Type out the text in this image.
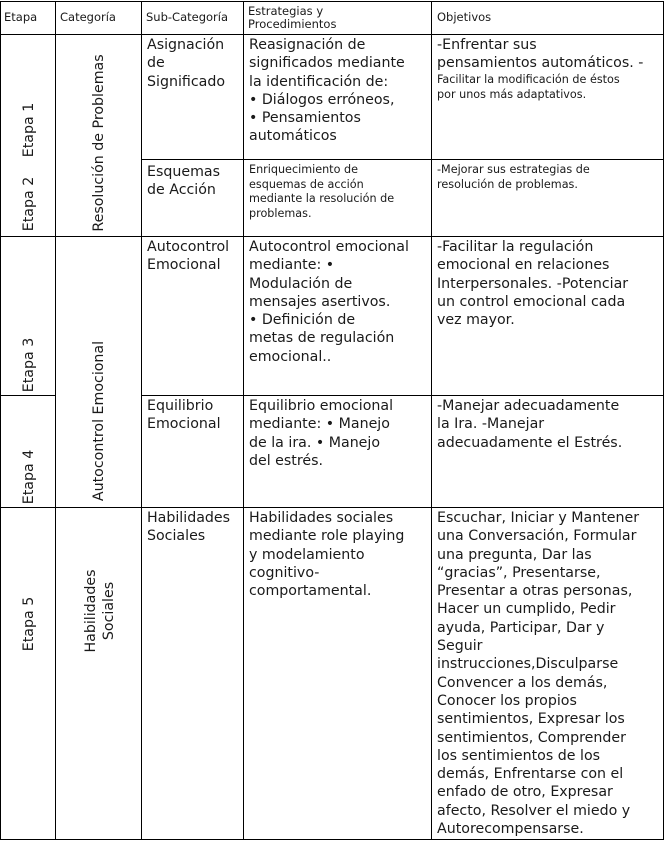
Etapa Categoría	Sub-Categoría Estrategias y
Procedimientos	Objetivos
Etapa 1
Etapa 2
Etapa 3
Etapa 4
Etapa 5
Resolución de Problemas
Autocontrol Emocional
Habilidades
Sociales
Asignación
de
Significado
Reasignación de
significados mediante
la identificación de:
• Diálogos erróneos,
• Pensamientos
automáticos
-Enfrentar sus
pensamientos automáticos. -
Facilitar la modificación de éstos
por unos más adaptativos.
Esquemas
de Acción
Enriquecimiento de
esquemas de acción
mediante la resolución de
problemas.
-Mejorar sus estrategias de
resolución de problemas.
Autocontrol
Emocional
Autocontrol emocional
mediante: •
Modulación de
mensajes asertivos.
• Definición de
metas de regulación
emocional..
-Facilitar la regulación
emocional en relaciones
Interpersonales. -Potenciar
un control emocional cada
vez mayor.
Equilibrio
Emocional
Equilibrio emocional
mediante: • Manejo
de la ira. • Manejo
del estrés.
-Manejar adecuadamente
la Ira. -Manejar
adecuadamente el Estrés.
Habilidades
Sociales
Habilidades sociales
mediante role playing
y modelamiento
cognitivo-
comportamental.
Escuchar, Iniciar y Mantener
una Conversación, Formular
una pregunta, Dar las
“gracias”, Presentarse,
Presentar a otras personas,
Hacer un cumplido, Pedir
ayuda, Participar, Dar y
Seguir
instrucciones,Disculparse
Convencer a los demás,
Conocer los propios
sentimientos, Expresar los
sentimientos, Comprender
los sentimientos de los
demás, Enfrentarse con el
enfado de otro, Expresar
afecto, Resolver el miedo y
Autorecompensarse.
